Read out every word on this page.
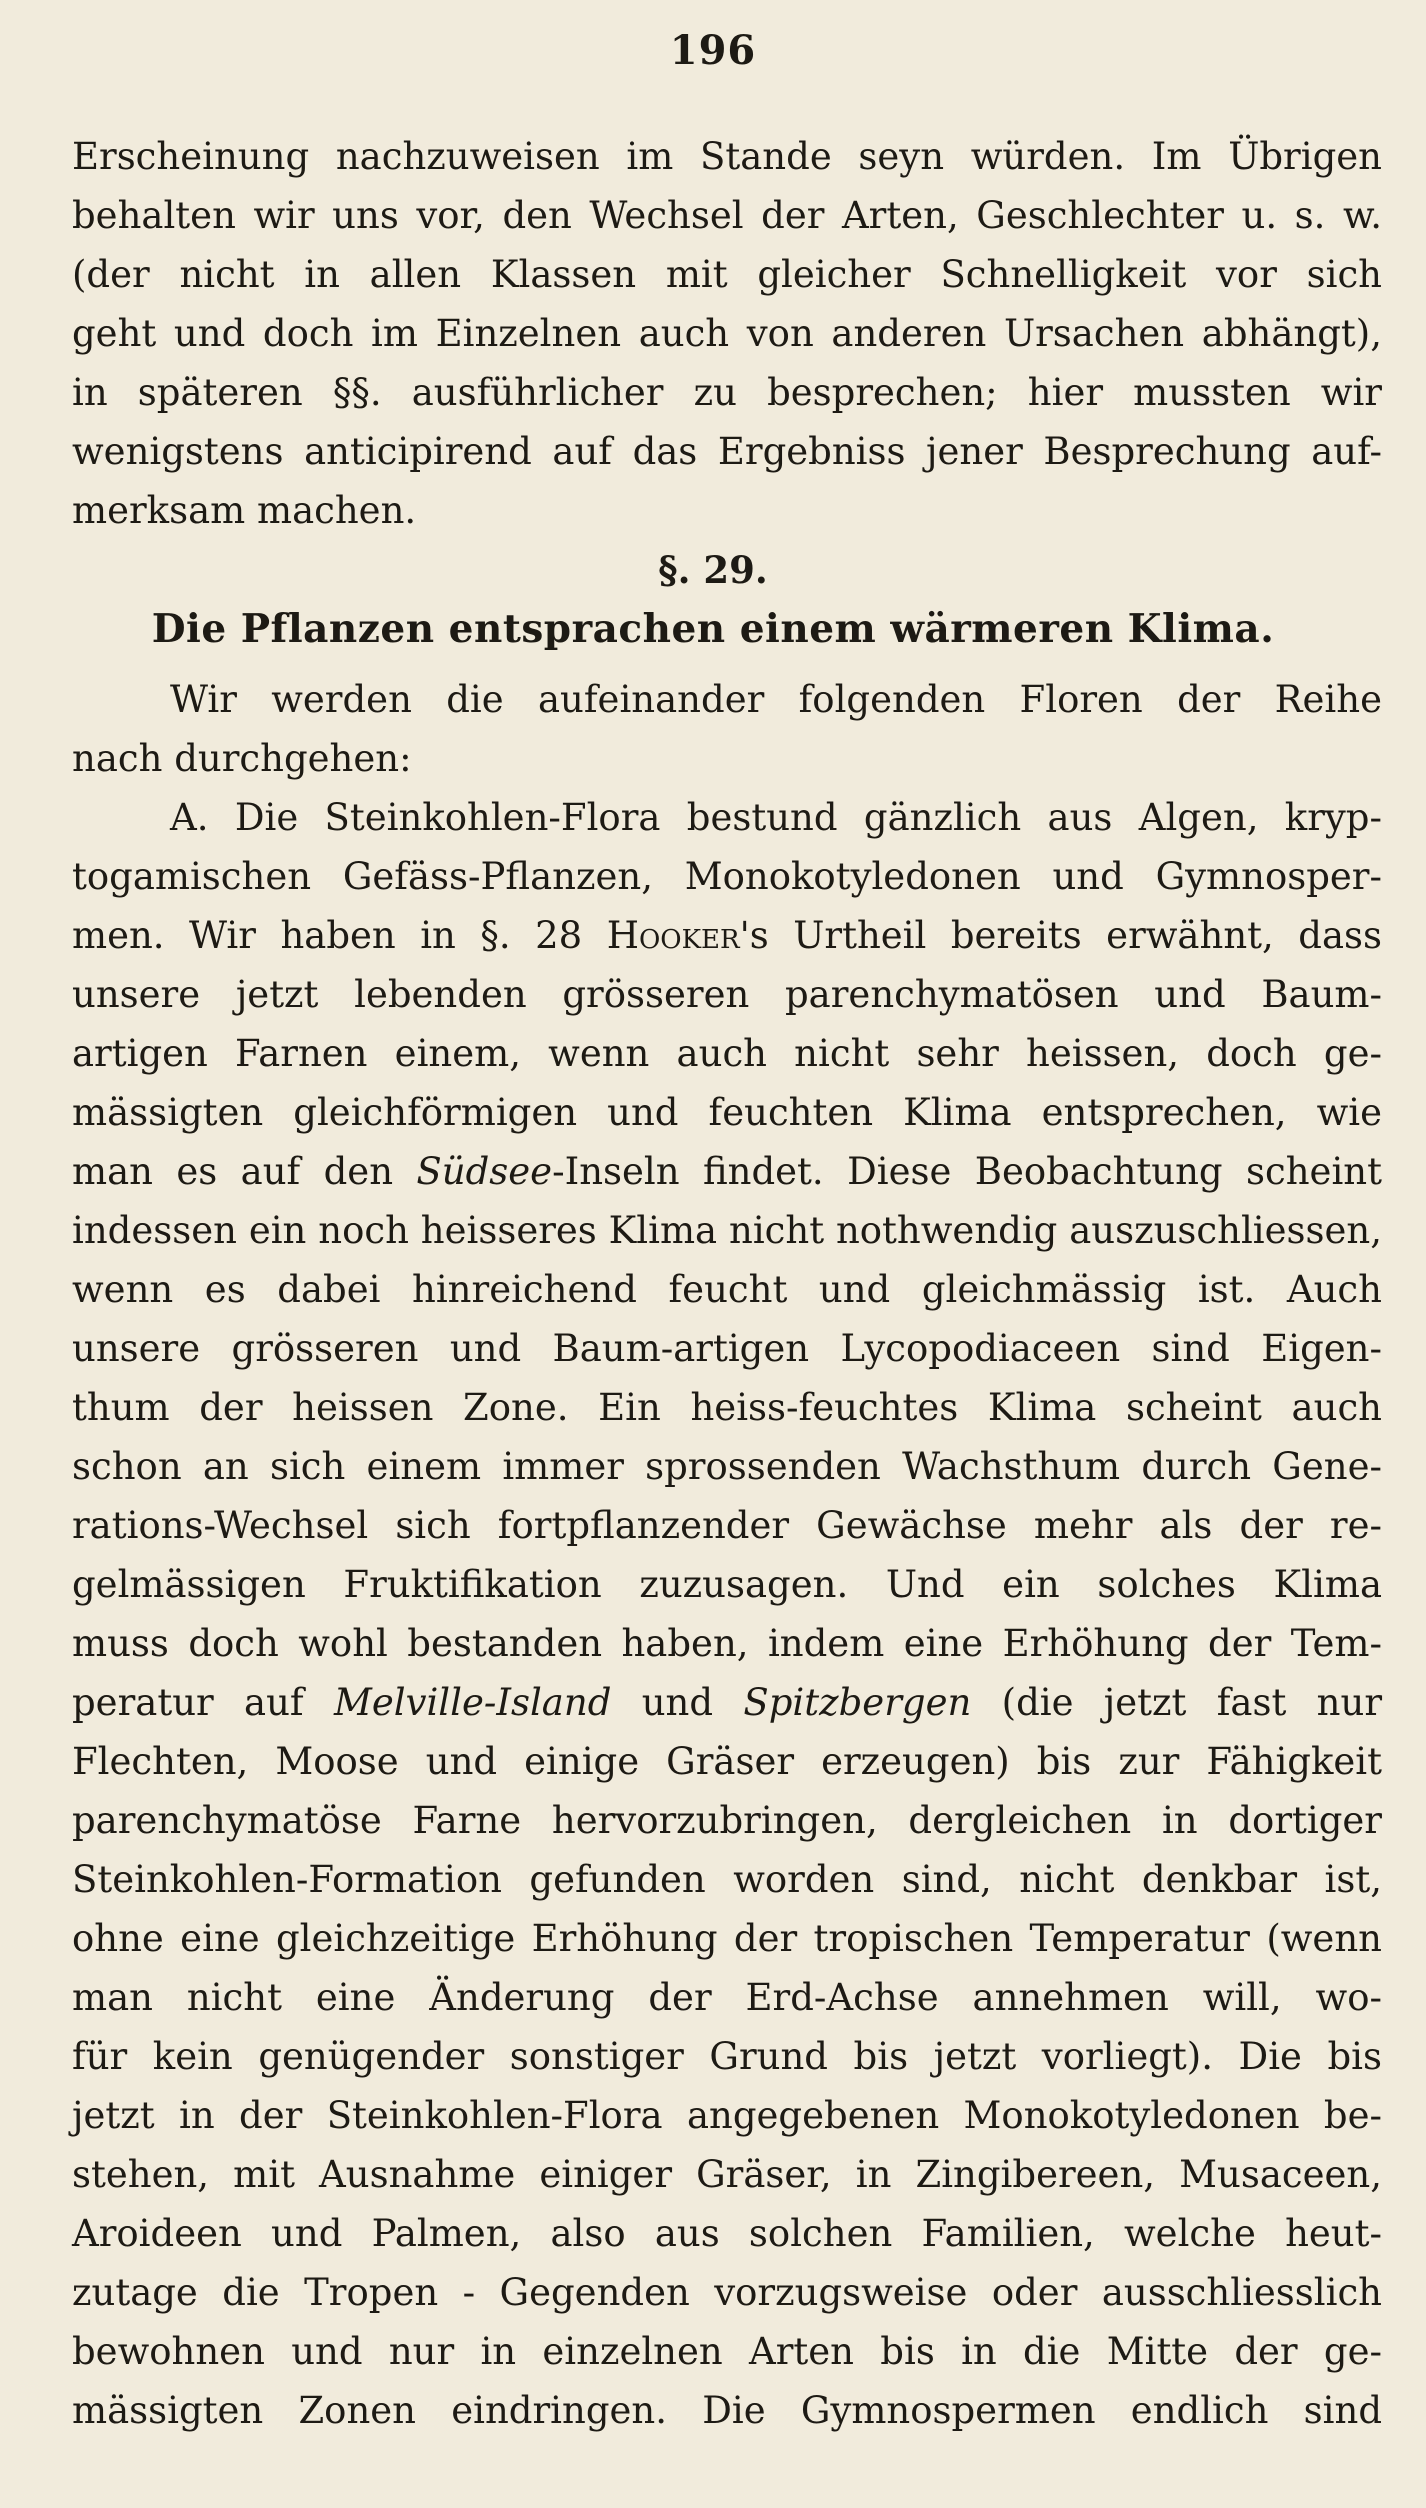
196
Erscheinung nachzuweisen im Stande seyn würden. Im Übrigen
behalten wir uns vor, den Wechsel der Arten, Geschlechter u. s. w.
(der nicht in allen Klassen mit gleicher Schnelligkeit vor sich
geht und doch im Einzelnen auch von anderen Ursachen abhängt),
in späteren §§. ausführlicher zu besprechen; hier mussten wir
wenigstens anticipirend auf das Ergebniss jener Besprechung auf-
merksam machen.
§. 29.
Die Pflanzen entsprachen einem wärmeren Klima.
Wir werden die aufeinander folgenden Floren der Reihe
nach durchgehen:
A. Die Steinkohlen-Flora bestund gänzlich aus Algen, kryp-
togamischen Gefäss-Pflanzen, Monokotyledonen und Gymnosper-
men. Wir haben in §. 28 Hooker's Urtheil bereits erwähnt, dass
unsere jetzt lebenden grösseren parenchymatösen und Baum-
artigen Farnen einem, wenn auch nicht sehr heissen, doch ge-
mässigten gleichförmigen und feuchten Klima entsprechen, wie
man es auf den Südsee-Inseln findet. Diese Beobachtung scheint
indessen ein noch heisseres Klima nicht nothwendig auszuschliessen,
wenn es dabei hinreichend feucht und gleichmässig ist. Auch
unsere grösseren und Baum-artigen Lycopodiaceen sind Eigen-
thum der heissen Zone. Ein heiss-feuchtes Klima scheint auch
schon an sich einem immer sprossenden Wachsthum durch Gene-
rations-Wechsel sich fortpflanzender Gewächse mehr als der re-
gelmässigen Fruktifikation zuzusagen. Und ein solches Klima
muss doch wohl bestanden haben, indem eine Erhöhung der Tem-
peratur auf Melville-Island und Spitzbergen (die jetzt fast nur
Flechten, Moose und einige Gräser erzeugen) bis zur Fähigkeit
parenchymatöse Farne hervorzubringen, dergleichen in dortiger
Steinkohlen-Formation gefunden worden sind, nicht denkbar ist,
ohne eine gleichzeitige Erhöhung der tropischen Temperatur (wenn
man nicht eine Änderung der Erd-Achse annehmen will, wo-
für kein genügender sonstiger Grund bis jetzt vorliegt). Die bis
jetzt in der Steinkohlen-Flora angegebenen Monokotyledonen be-
stehen, mit Ausnahme einiger Gräser, in Zingibereen, Musaceen,
Aroideen und Palmen, also aus solchen Familien, welche heut-
zutage die Tropen - Gegenden vorzugsweise oder ausschliesslich
bewohnen und nur in einzelnen Arten bis in die Mitte der ge-
mässigten Zonen eindringen. Die Gymnospermen endlich sind
